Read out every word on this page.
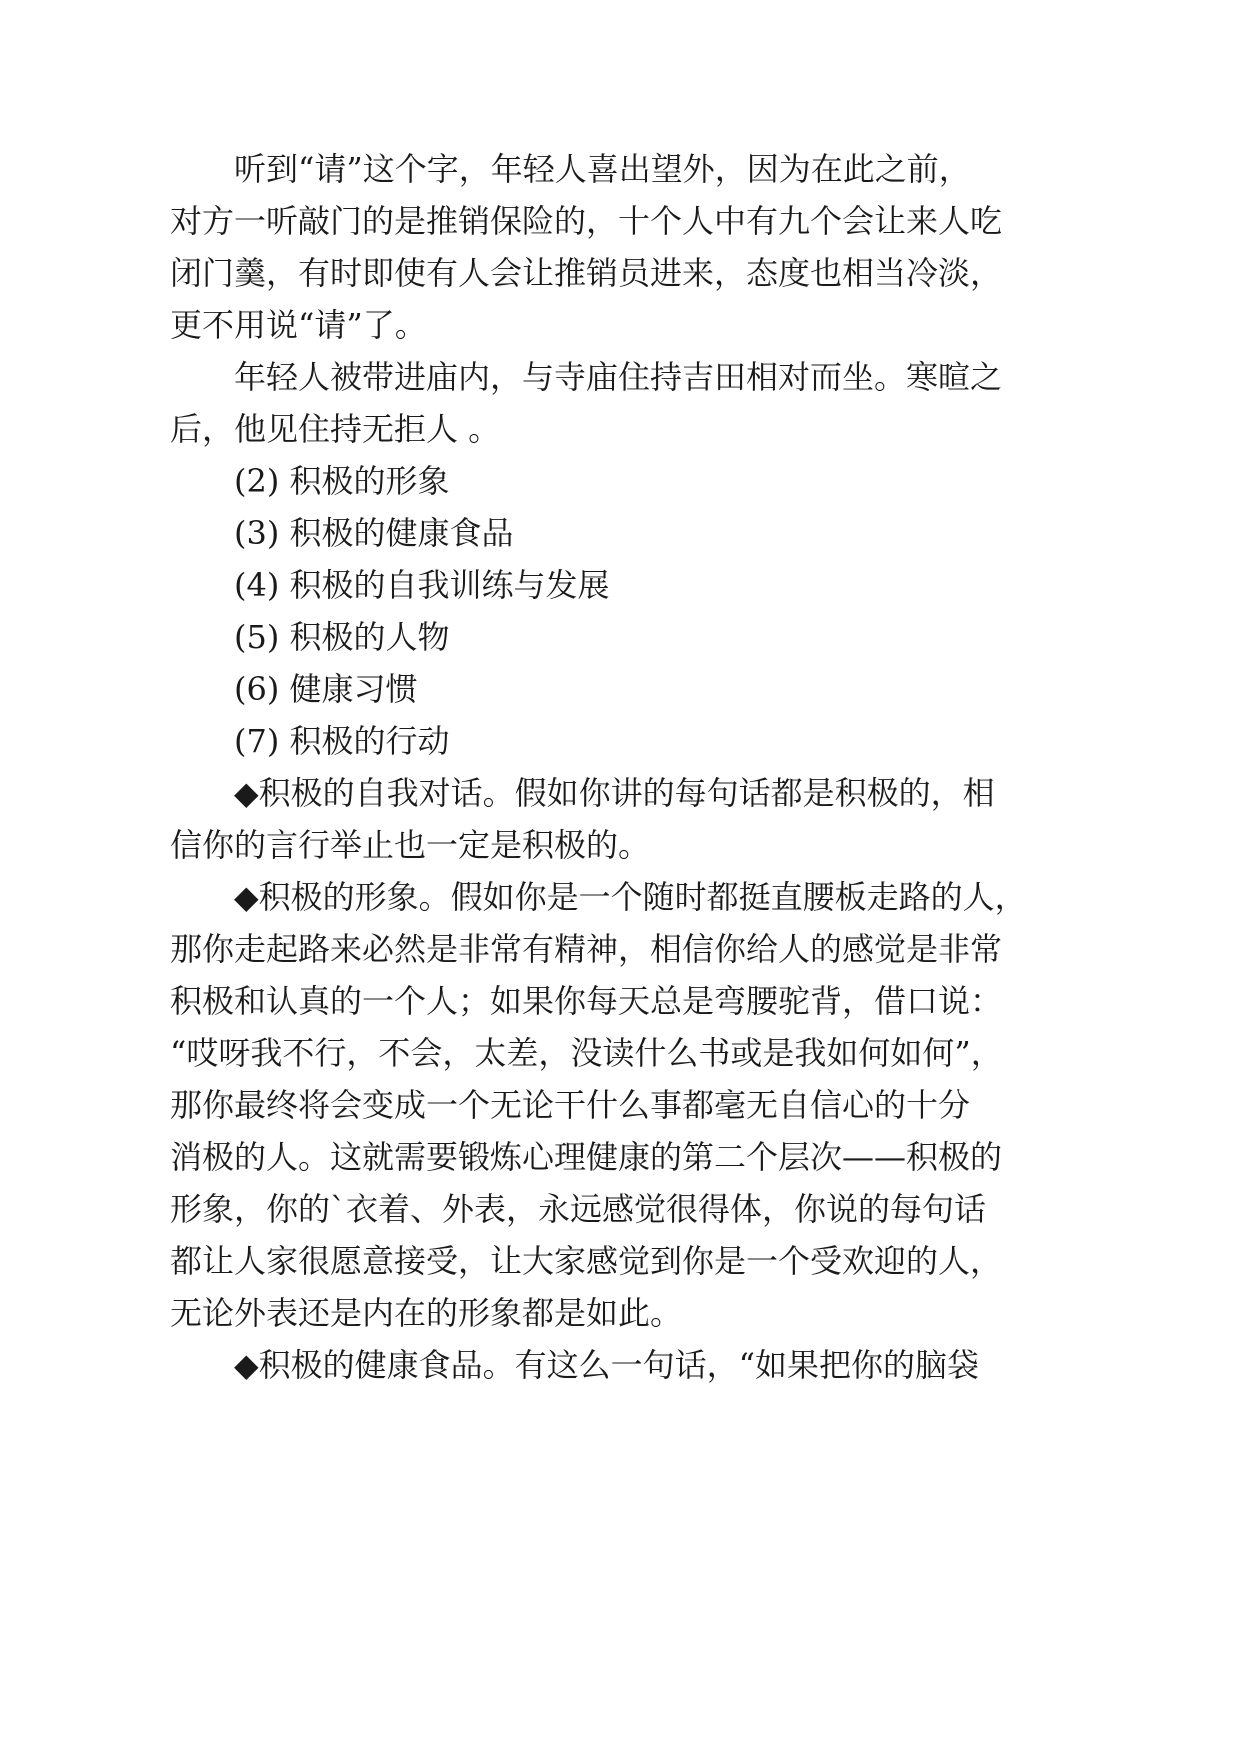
听到“请”这个字，年轻人喜出望外，因为在此之前，
对方一听敲门的是推销保险的，十个人中有九个会让来人吃
闭门羹，有时即使有人会让推销员进来，态度也相当冷淡，
更不用说“请”了。
年轻人被带进庙内，与寺庙住持吉田相对而坐。寒暄之
后，他见住持无拒人 。
(2) 积极的形象
(3) 积极的健康食品
(4) 积极的自我训练与发展
(5) 积极的人物
(6) 健康习惯
(7) 积极的行动
◆积极的自我对话。假如你讲的每句话都是积极的，相
信你的言行举止也一定是积极的。
◆积极的形象。假如你是一个随时都挺直腰板走路的人，
那你走起路来必然是非常有精神，相信你给人的感觉是非常
积极和认真的一个人；如果你每天总是弯腰驼背，借口说：
“哎呀我不行，不会，太差，没读什么书或是我如何如何”，
那你最终将会变成一个无论干什么事都毫无自信心的十分
消极的人。这就需要锻炼心理健康的第二个层次——积极的
形象，你的`衣着、外表，永远感觉很得体，你说的每句话
都让人家很愿意接受，让大家感觉到你是一个受欢迎的人，
无论外表还是内在的形象都是如此。
◆积极的健康食品。有这么一句话，“如果把你的脑袋
